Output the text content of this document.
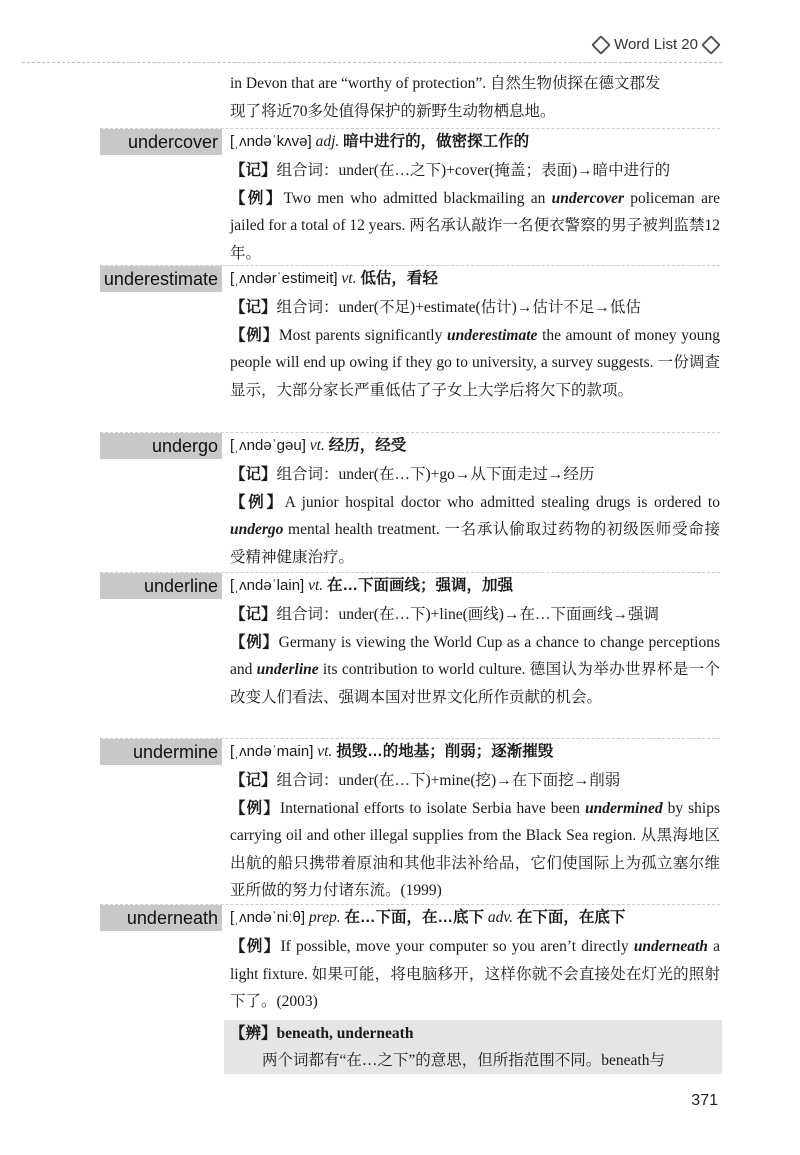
Word List 20
in Devon that are “worthy of protection”. 自然生物侦探在德文郡发
现了将近70多处值得保护的新野生动物栖息地。
undercover [ˌʌndəˈkʌvə] adj. 暗中进行的，做密探工作的
【记】组合词：under(在…之下)+cover(掩盖；表面)→暗中进行的
【例】Two men who admitted blackmailing an undercover policeman are jailed for a total of 12 years. 两名承认敲诈一名便衣警察的男子被判监禁12年。
underestimate [ˌʌndərˈestimeit] vt. 低估，看轻
【记】组合词：under(不足)+estimate(估计)→估计不足→低估
【例】Most parents significantly underestimate the amount of money young people will end up owing if they go to university, a survey suggests. 一份调查显示，大部分家长严重低估了子女上大学后将欠下的款项。
undergo [ˌʌndəˈɡəu] vt. 经历，经受
【记】组合词：under(在…下)+go→从下面走过→经历
【例】A junior hospital doctor who admitted stealing drugs is ordered to undergo mental health treatment. 一名承认偷取过药物的初级医师受命接受精神健康治疗。
underline [ˌʌndəˈlain] vt. 在…下面画线；强调，加强
【记】组合词：under(在…下)+line(画线)→在…下面画线→强调
【例】Germany is viewing the World Cup as a chance to change perceptions and underline its contribution to world culture. 德国认为举办世界杯是一个改变人们看法、强调本国对世界文化所作贡献的机会。
undermine [ˌʌndəˈmain] vt. 损毁…的地基；削弱；逐渐摧毁
【记】组合词：under(在…下)+mine(挖)→在下面挖→削弱
【例】International efforts to isolate Serbia have been undermined by ships carrying oil and other illegal supplies from the Black Sea region. 从黑海地区出航的船只携带着原油和其他非法补给品，它们使国际上为孤立塞尔维亚所做的努力付诸东流。(1999)
underneath [ˌʌndəˈniːθ] prep. 在…下面，在…底下 adv. 在下面，在底下
【例】If possible, move your computer so you aren’t directly underneath a light fixture. 如果可能，将电脑移开，这样你就不会直接处在灯光的照射下了。(2003)
【辨】beneath, underneath
两个词都有“在…之下”的意思，但所指范围不同。beneath与
371
